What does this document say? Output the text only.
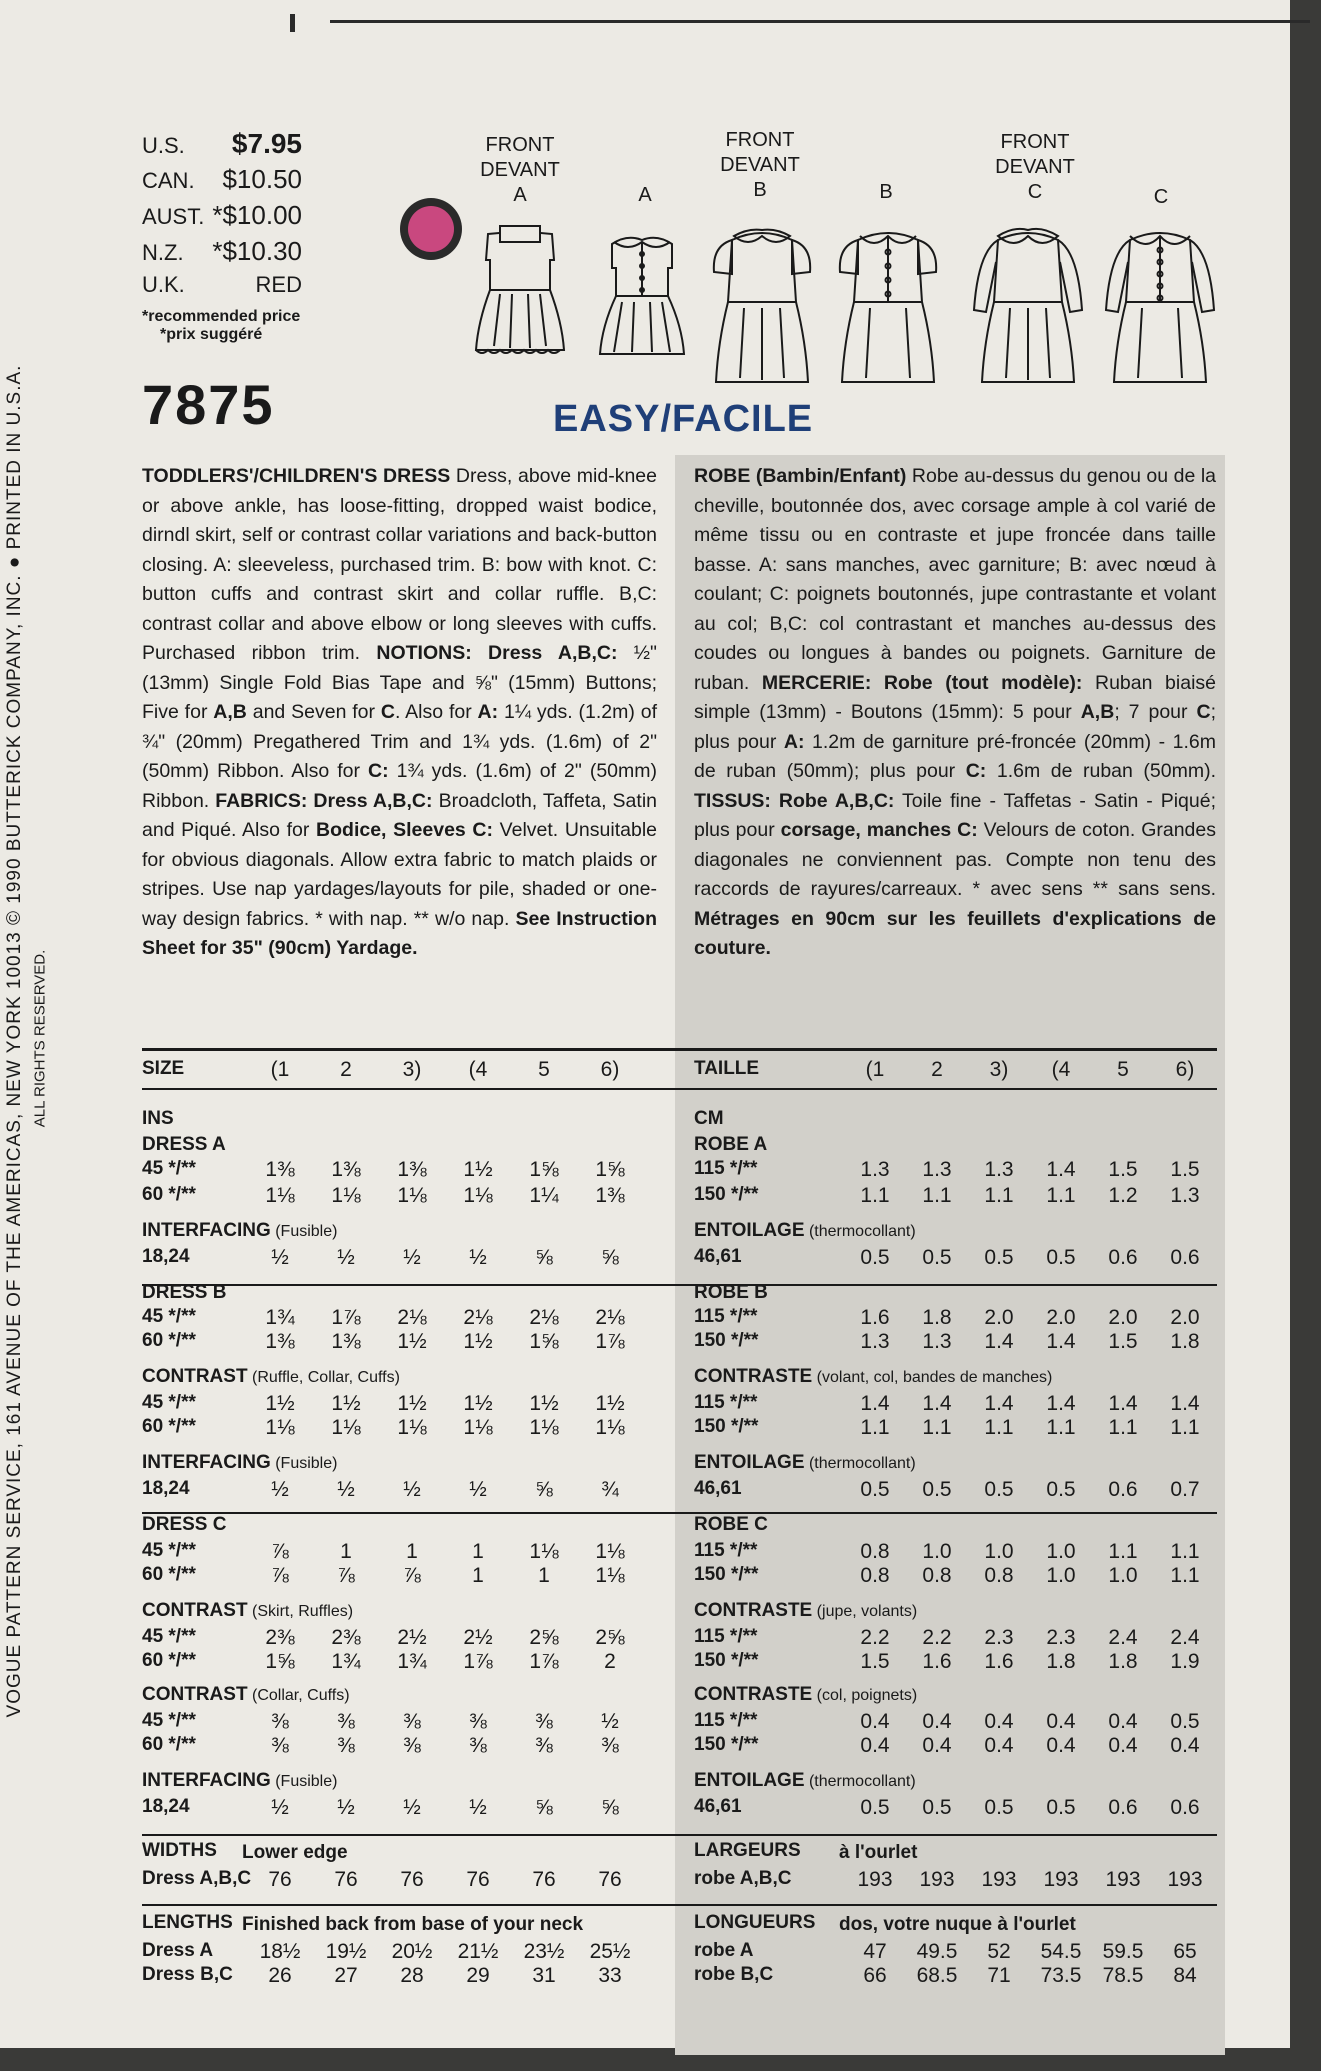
VOGUE PATTERN SERVICE, 161 AVENUE OF THE AMERICAS, NEW YORK 10013 © 1990 BUTTERICK COMPANY, INC. ● PRINTED IN U.S.A. ALL RIGHTS RESERVED.
U.S. $7.95
CAN. $10.50
AUST. *$10.00
N.Z. *$10.30
U.K.	RED
*recommended price
*prix suggéré
7875
FRONT
DEVANT
A	A
FRONT
DEVANT
B	B
FRONT
DEVANT
C	C
EASY/FACILE
TODDLERS'/CHILDREN'S DRESS Dress, above mid-knee or above ankle, has loose-fitting, dropped waist bodice, dirndl skirt, self or contrast collar variations and back-button closing. A: sleeveless, purchased trim. B: bow with knot. C: button cuffs and contrast skirt and collar ruffle. B,C: contrast collar and above elbow or long sleeves with cuffs. Purchased ribbon trim. NOTIONS: Dress A,B,C: ½" (13mm) Single Fold Bias Tape and ⅝" (15mm) Buttons; Five for A,B and Seven for C. Also for A: 1¼ yds. (1.2m) of ¾" (20mm) Pregathered Trim and 1¾ yds. (1.6m) of 2" (50mm) Ribbon. Also for C: 1¾ yds. (1.6m) of 2" (50mm) Ribbon. FABRICS: Dress A,B,C: Broadcloth, Taffeta, Satin and Piqué. Also for Bodice, Sleeves C: Velvet. Unsuitable for obvious diagonals. Allow extra fabric to match plaids or stripes. Use nap yardages/layouts for pile, shaded or one-way design fabrics. * with nap. ** w/o nap. See Instruction Sheet for 35" (90cm) Yardage.
ROBE (Bambin/Enfant) Robe au-dessus du genou ou de la cheville, boutonnée dos, avec corsage ample à col varié de même tissu ou en contraste et jupe froncée dans taille basse. A: sans manches, avec garniture; B: avec nœud à coulant; C: poignets boutonnés, jupe contrastante et volant au col; B,C: col contrastant et manches au-dessus des coudes ou longues à bandes ou poignets. Garniture de ruban. MERCERIE: Robe (tout modèle): Ruban biaisé simple (13mm) - Boutons (15mm): 5 pour A,B; 7 pour C; plus pour A: 1.2m de garniture pré-froncée (20mm) - 1.6m de ruban (50mm); plus pour C: 1.6m de ruban (50mm). TISSUS: Robe A,B,C: Toile fine - Taffetas - Satin - Piqué; plus pour corsage, manches C: Velours de coton. Grandes diagonales ne conviennent pas. Compte non tenu des raccords de rayures/carreaux. * avec sens ** sans sens. Métrages en 90cm sur les feuillets d'explications de couture.
SIZE	(1	2	3)	(4	5	6)
INS
DRESS A
45 */**	1⅜	1⅜	1⅜	1½	1⅝	1⅝
60 */**	1⅛	1⅛	1⅛	1⅛	1¼	1⅜
INTERFACING (Fusible)
18,24	½	½	½	½	⅝	⅝
DRESS B
45 */**	1¾	1⅞	2⅛	2⅛	2⅛	2⅛
60 */**	1⅜	1⅜	1½	1½	1⅝	1⅞
CONTRAST (Ruffle, Collar, Cuffs)
45 */**	1½	1½	1½	1½	1½	1½
60 */**	1⅛	1⅛	1⅛	1⅛	1⅛	1⅛
INTERFACING (Fusible)
18,24	½	½	½	½	⅝	¾
DRESS C
45 */**	⅞	1	1	1	1⅛	1⅛
60 */**	⅞	⅞	⅞	1	1	1⅛
CONTRAST (Skirt, Ruffles)
45 */**	2⅜	2⅜	2½	2½	2⅝	2⅝
60 */**	1⅝	1¾	1¾	1⅞	1⅞	2
CONTRAST (Collar, Cuffs)
45 */**	⅜	⅜	⅜	⅜	⅜	½
60 */**	⅜	⅜	⅜	⅜	⅜	⅜
INTERFACING (Fusible)
18,24	½	½	½	½	⅝	⅝
WIDTHS Lower edge
Dress A,B,C 76	76	76	76	76	76
LENGTHS Finished back from base of your neck
Dress A	18½	19½	20½	21½	23½	25½
Dress B,C	26	27	28	29	31	33
TAILLE	(1	2	3)	(4	5	6)
CM
ROBE A
115 */**	1.3	1.3	1.3	1.4	1.5	1.5
150 */**	1.1	1.1	1.1	1.1	1.2	1.3
ENTOILAGE (thermocollant)
46,61	0.5	0.5	0.5	0.5	0.6	0.6
ROBE B
115 */**	1.6	1.8	2.0	2.0	2.0	2.0
150 */**	1.3	1.3	1.4	1.4	1.5	1.8
CONTRASTE (volant, col, bandes de manches)
115 */**	1.4	1.4	1.4	1.4	1.4	1.4
150 */**	1.1	1.1	1.1	1.1	1.1	1.1
ENTOILAGE (thermocollant)
46,61	0.5	0.5	0.5	0.5	0.6	0.7
ROBE C
115 */**	0.8	1.0	1.0	1.0	1.1	1.1
150 */**	0.8	0.8	0.8	1.0	1.0	1.1
CONTRASTE (jupe, volants)
115 */**	2.2	2.2	2.3	2.3	2.4	2.4
150 */**	1.5	1.6	1.6	1.8	1.8	1.9
CONTRASTE (col, poignets)
115 */**	0.4	0.4	0.4	0.4	0.4	0.5
150 */**	0.4	0.4	0.4	0.4	0.4	0.4
ENTOILAGE (thermocollant)
46,61	0.5	0.5	0.5	0.5	0.6	0.6
LARGEURS à l'ourlet
robe A,B,C	193	193	193	193	193	193
LONGUEURS dos, votre nuque à l'ourlet
robe A	47	49.5	52	54.5	59.5	65
robe B,C	66	68.5	71	73.5	78.5	84
